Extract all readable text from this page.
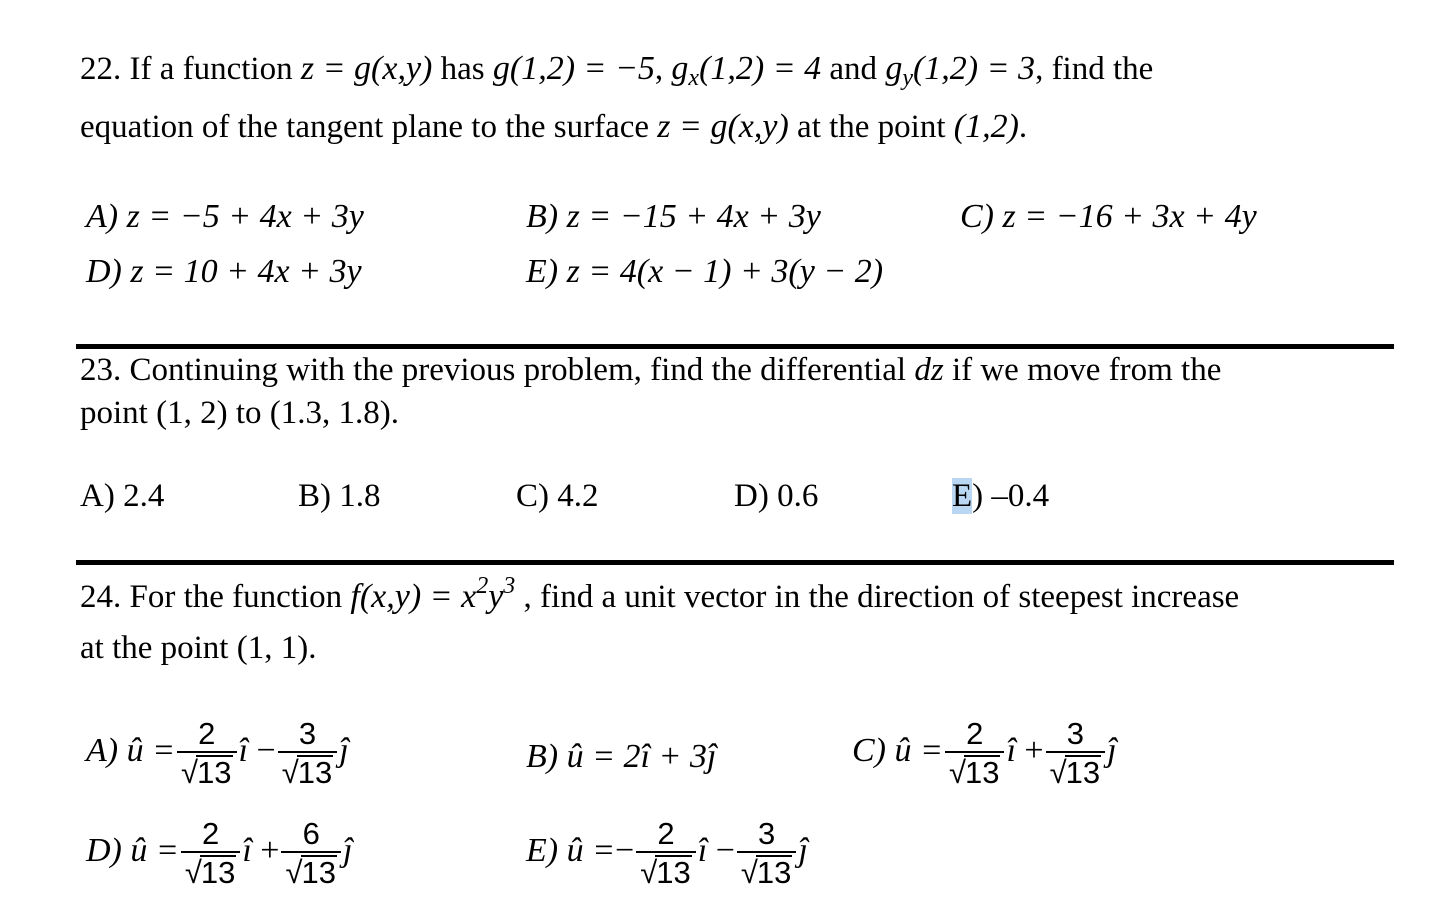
22. If a function z = g(x,y) has g(1,2) = −5, $g_x(1,2) = 4$ and $g_y(1,2) = 3$, find the
equation of the tangent plane to the surface z = g(x,y) at the point (1,2).
A) z = −5 + 4x + 3y	B) z = −15 + 4x + 3y	C) z = −16 + 3x + 4y
D) z = 10 + 4x + 3y	E) z = 4(x − 1) + 3(y − 2)
23. Continuing with the previous problem, find the differential dz if we move from the
point (1, 2) to (1.3, 1.8).
A) 2.4	B) 1.8	C) 4.2	D) 0.6	E) –0.4
24. For the function $f(x,y) = x^2y^3$ , find a unit vector in the direction of steepest increase
at the point (1, 1).
A) û = $\frac{2}{√13}$ î − $\frac{3}{√13}$ ĵ	B) û = 2î + 3ĵ	C) û = $\frac{2}{√13}$ î + $\frac{3}{√13}$ ĵ
D) û = $\frac{2}{√13}$ î + $\frac{6}{√13}$ ĵ	E) û =− $\frac{2}{√13}$ î − $\frac{3}{√13}$ ĵ
